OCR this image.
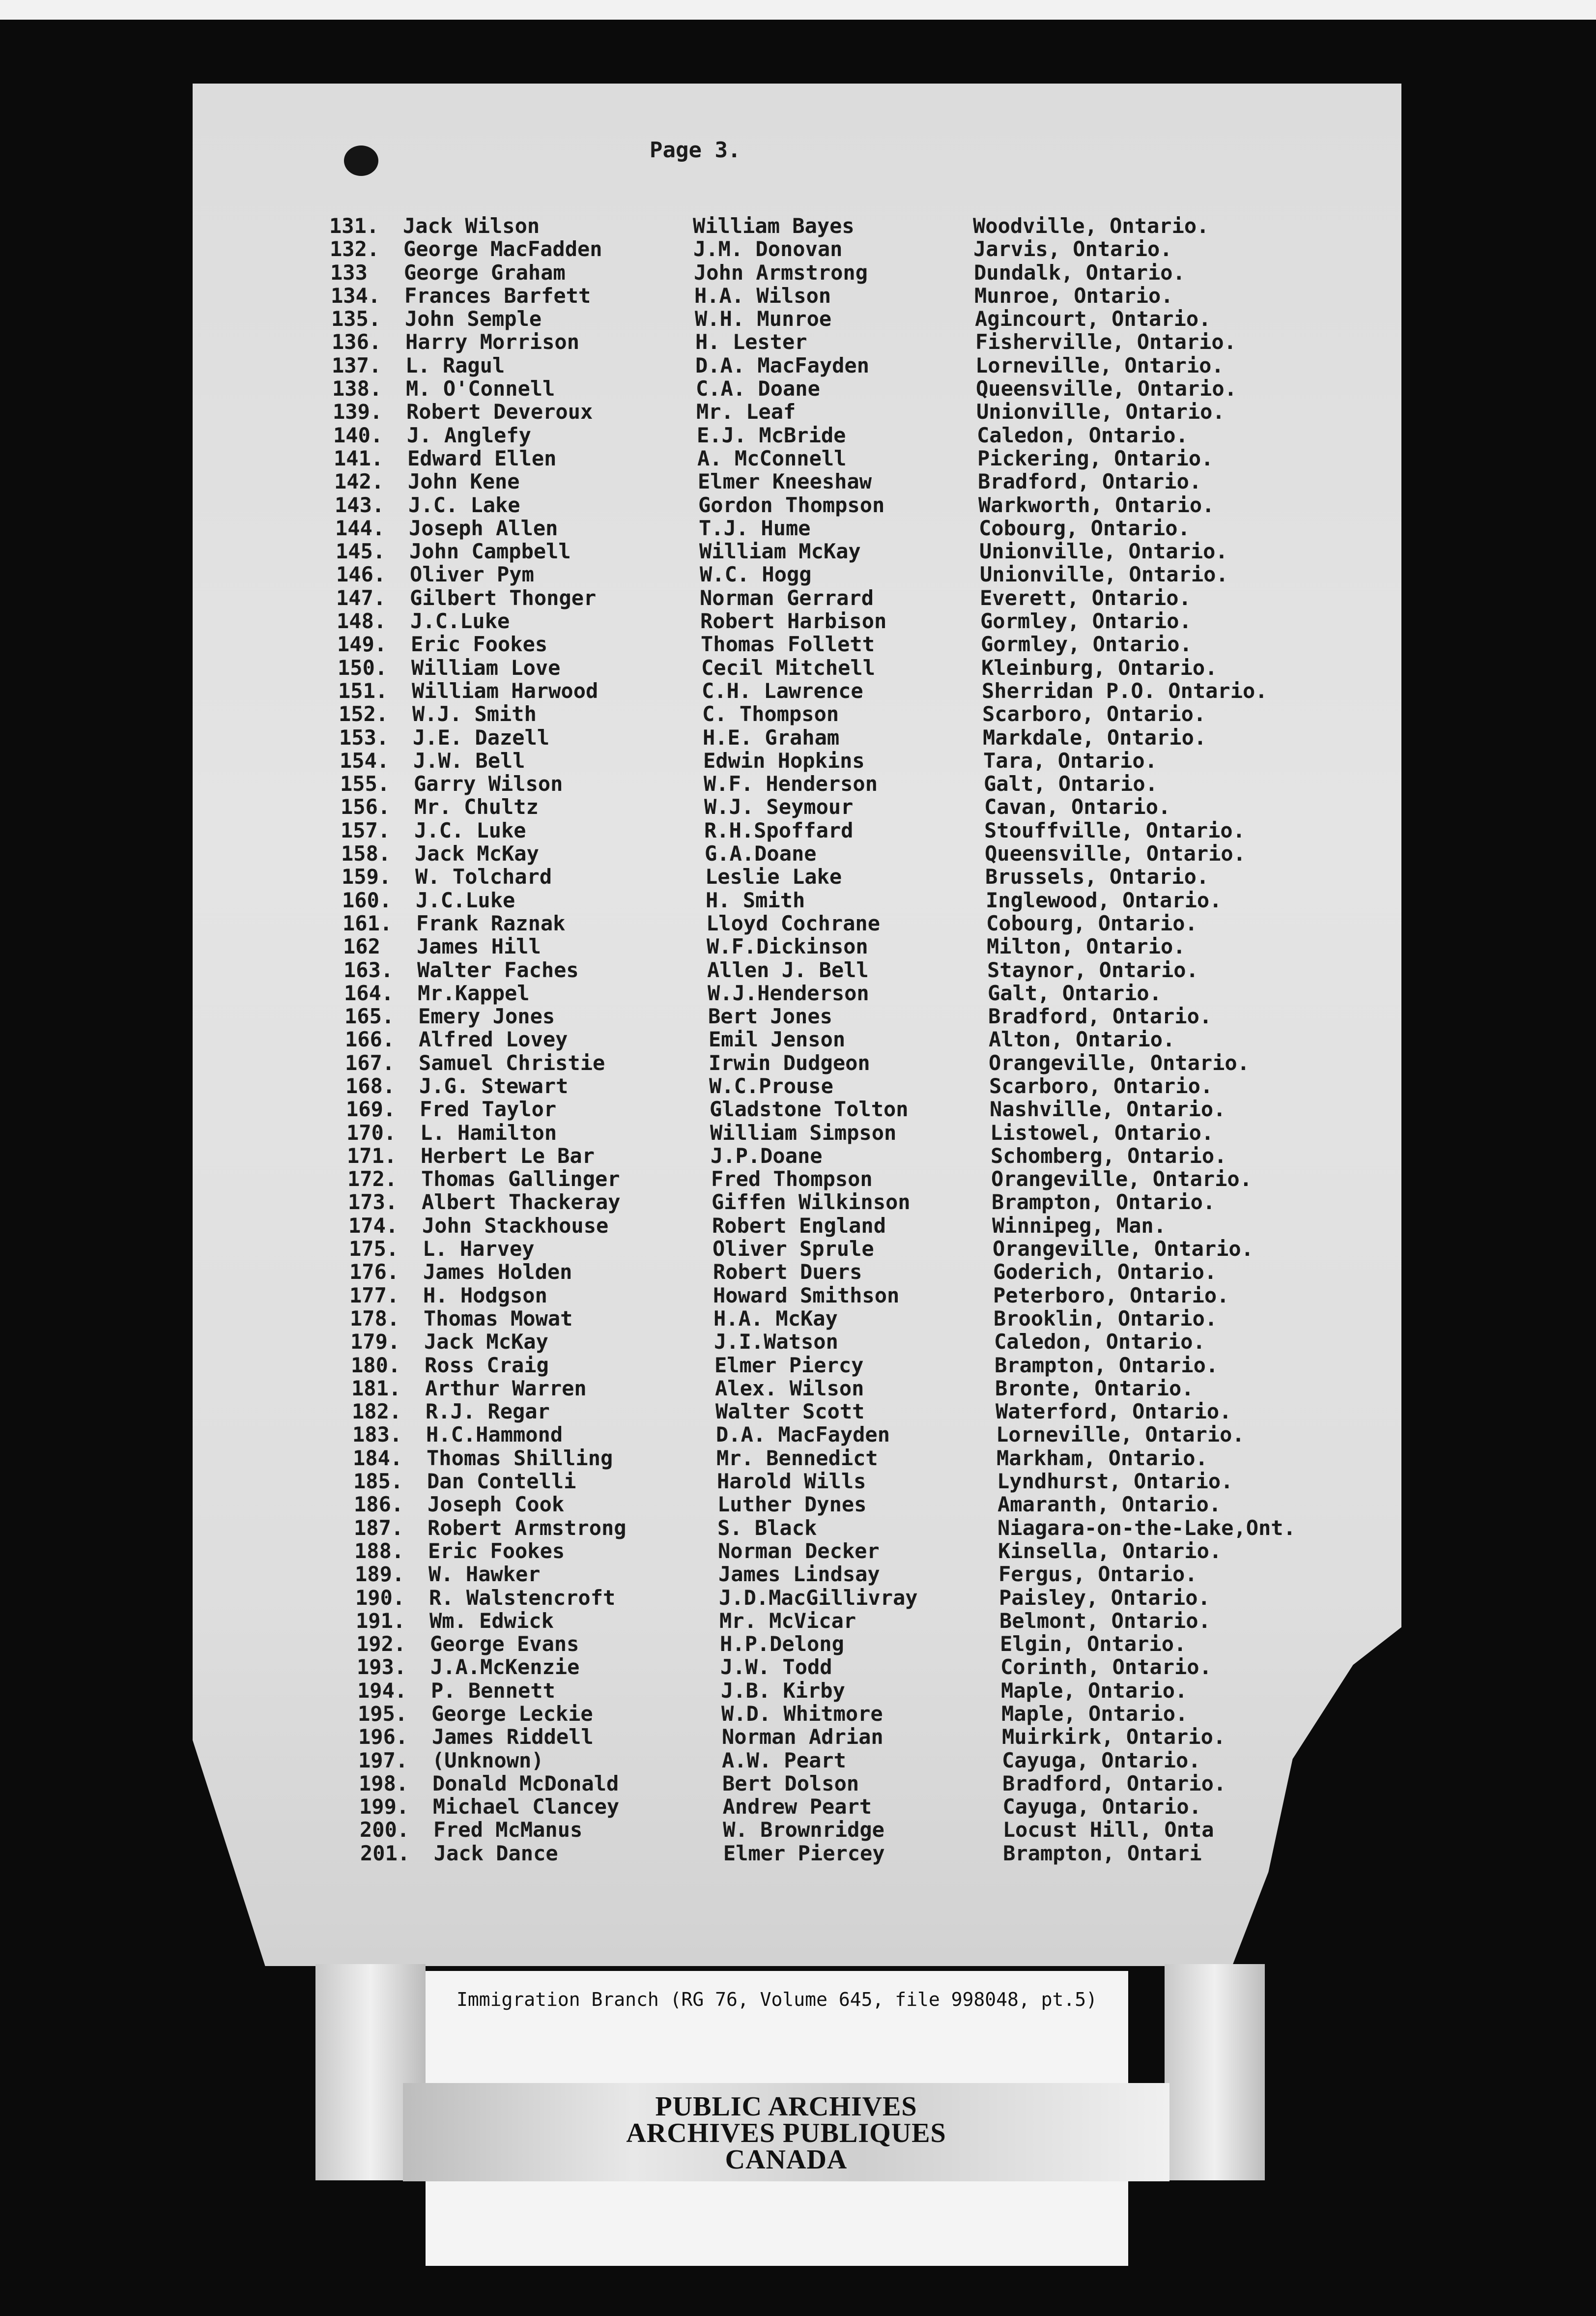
Page 3.
131.	Jack Wilson	William Bayes	Woodville, Ontario.
132.	George MacFadden	J.M. Donovan	Jarvis, Ontario.
133	George Graham	John Armstrong	Dundalk, Ontario.
134.	Frances Barfett	H.A. Wilson	Munroe, Ontario.
135.	John Semple	W.H. Munroe	Agincourt, Ontario.
136.	Harry Morrison	H. Lester	Fisherville, Ontario.
137.	L. Ragul	D.A. MacFayden	Lorneville, Ontario.
138.	M. O'Connell	C.A. Doane	Queensville, Ontario.
139.	Robert Deveroux	Mr. Leaf	Unionville, Ontario.
140.	J. Anglefy	E.J. McBride	Caledon, Ontario.
141.	Edward Ellen	A. McConnell	Pickering, Ontario.
142.	John Kene	Elmer Kneeshaw	Bradford, Ontario.
143.	J.C. Lake	Gordon Thompson	Warkworth, Ontario.
144.	Joseph Allen	T.J. Hume	Cobourg, Ontario.
145.	John Campbell	William McKay	Unionville, Ontario.
146.	Oliver Pym	W.C. Hogg	Unionville, Ontario.
147.	Gilbert Thonger	Norman Gerrard	Everett, Ontario.
148.	J.C.Luke	Robert Harbison	Gormley, Ontario.
149.	Eric Fookes	Thomas Follett	Gormley, Ontario.
150.	William Love	Cecil Mitchell	Kleinburg, Ontario.
151.	William Harwood	C.H. Lawrence	Sherridan P.O. Ontario.
152.	W.J. Smith	C. Thompson	Scarboro, Ontario.
153.	J.E. Dazell	H.E. Graham	Markdale, Ontario.
154.	J.W. Bell	Edwin Hopkins	Tara, Ontario.
155.	Garry Wilson	W.F. Henderson	Galt, Ontario.
156.	Mr. Chultz	W.J. Seymour	Cavan, Ontario.
157.	J.C. Luke	R.H.Spoffard	Stouffville, Ontario.
158.	Jack McKay	G.A.Doane	Queensville, Ontario.
159.	W. Tolchard	Leslie Lake	Brussels, Ontario.
160.	J.C.Luke	H. Smith	Inglewood, Ontario.
161.	Frank Raznak	Lloyd Cochrane	Cobourg, Ontario.
162	James Hill	W.F.Dickinson	Milton, Ontario.
163.	Walter Faches	Allen J. Bell	Staynor, Ontario.
164.	Mr.Kappel	W.J.Henderson	Galt, Ontario.
165.	Emery Jones	Bert Jones	Bradford, Ontario.
166.	Alfred Lovey	Emil Jenson	Alton, Ontario.
167.	Samuel Christie	Irwin Dudgeon	Orangeville, Ontario.
168.	J.G. Stewart	W.C.Prouse	Scarboro, Ontario.
169.	Fred Taylor	Gladstone Tolton	Nashville, Ontario.
170.	L. Hamilton	William Simpson	Listowel, Ontario.
171.	Herbert Le Bar	J.P.Doane	Schomberg, Ontario.
172.	Thomas Gallinger	Fred Thompson	Orangeville, Ontario.
173.	Albert Thackeray	Giffen Wilkinson	Brampton, Ontario.
174.	John Stackhouse	Robert England	Winnipeg, Man.
175.	L. Harvey	Oliver Sprule	Orangeville, Ontario.
176.	James Holden	Robert Duers	Goderich, Ontario.
177.	H. Hodgson	Howard Smithson	Peterboro, Ontario.
178.	Thomas Mowat	H.A. McKay	Brooklin, Ontario.
179.	Jack McKay	J.I.Watson	Caledon, Ontario.
180.	Ross Craig	Elmer Piercy	Brampton, Ontario.
181.	Arthur Warren	Alex. Wilson	Bronte, Ontario.
182.	R.J. Regar	Walter Scott	Waterford, Ontario.
183.	H.C.Hammond	D.A. MacFayden	Lorneville, Ontario.
184.	Thomas Shilling	Mr. Bennedict	Markham, Ontario.
185.	Dan Contelli	Harold Wills	Lyndhurst, Ontario.
186.	Joseph Cook	Luther Dynes	Amaranth, Ontario.
187.	Robert Armstrong	S. Black	Niagara-on-the-Lake,Ont.
188.	Eric Fookes	Norman Decker	Kinsella, Ontario.
189.	W. Hawker	James Lindsay	Fergus, Ontario.
190.	R. Walstencroft	J.D.MacGillivray	Paisley, Ontario.
191.	Wm. Edwick	Mr. McVicar	Belmont, Ontario.
192.	George Evans	H.P.Delong	Elgin, Ontario.
193.	J.A.McKenzie	J.W. Todd	Corinth, Ontario.
194.	P. Bennett	J.B. Kirby	Maple, Ontario.
195.	George Leckie	W.D. Whitmore	Maple, Ontario.
196.	James Riddell	Norman Adrian	Muirkirk, Ontario.
197.	(Unknown)	A.W. Peart	Cayuga, Ontario.
198.	Donald McDonald	Bert Dolson	Bradford, Ontario.
199.	Michael Clancey	Andrew Peart	Cayuga, Ontario.
200.	Fred McManus	W. Brownridge	Locust Hill, Onta
201.	Jack Dance	Elmer Piercey	Brampton, Ontari
Immigration Branch (RG 76, Volume 645, file 998048, pt.5)
PUBLIC ARCHIVES
ARCHIVES PUBLIQUES
CANADA
